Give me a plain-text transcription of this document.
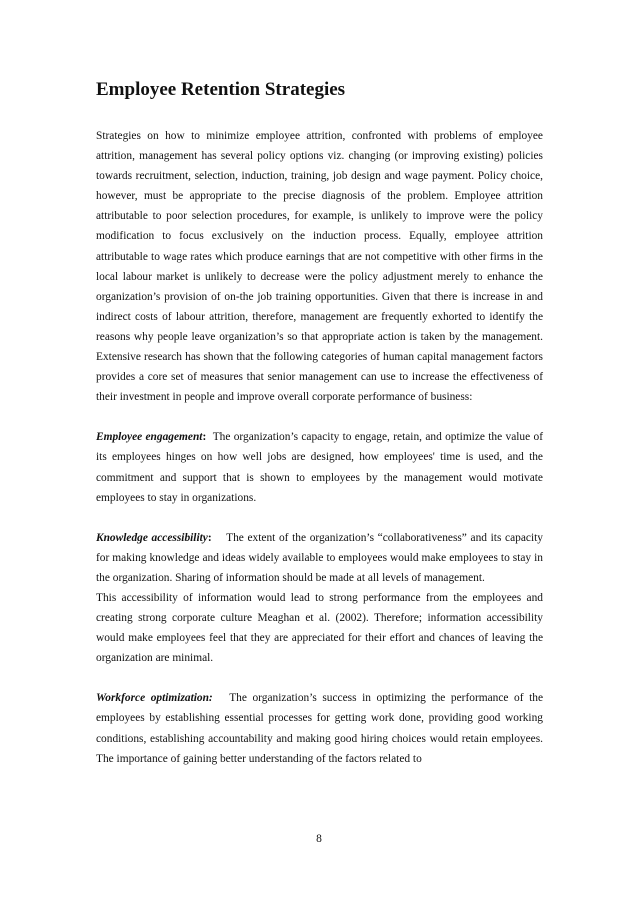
Employee Retention Strategies

Strategies on how to minimize employee attrition, confronted with problems of employee attrition, management has several policy options viz. changing (or improving existing) policies towards recruitment, selection, induction, training, job design and wage payment. Policy choice, however, must be appropriate to the precise diagnosis of the problem. Employee attrition attributable to poor selection procedures, for example, is unlikely to improve were the policy modification to focus exclusively on the induction process. Equally, employee attrition attributable to wage rates which produce earnings that are not competitive with other firms in the local labour market is unlikely to decrease were the policy adjustment merely to enhance the organization’s provision of on-the job training opportunities. Given that there is increase in and indirect costs of labour attrition, therefore, management are frequently exhorted to identify the reasons why people leave organization’s so that appropriate action is taken by the management. Extensive research has shown that the following categories of human capital management factors provides a core set of measures that senior management can use to increase the effectiveness of their investment in people and improve overall corporate performance of business:

Employee engagement: The organization’s capacity to engage, retain, and optimize the value of its employees hinges on how well jobs are designed, how employees' time is used, and the commitment and support that is shown to employees by the management would motivate employees to stay in organizations.

Knowledge accessibility: The extent of the organization’s “collaborativeness” and its capacity for making knowledge and ideas widely available to employees would make employees to stay in the organization. Sharing of information should be made at all levels of management.

This accessibility of information would lead to strong performance from the employees and creating strong corporate culture Meaghan et al. (2002). Therefore; information accessibility would make employees feel that they are appreciated for their effort and chances of leaving the organization are minimal.

Workforce optimization: The organization’s success in optimizing the performance of the employees by establishing essential processes for getting work done, providing good working conditions, establishing accountability and making good hiring choices would retain employees. The importance of gaining better understanding of the factors related to

8
